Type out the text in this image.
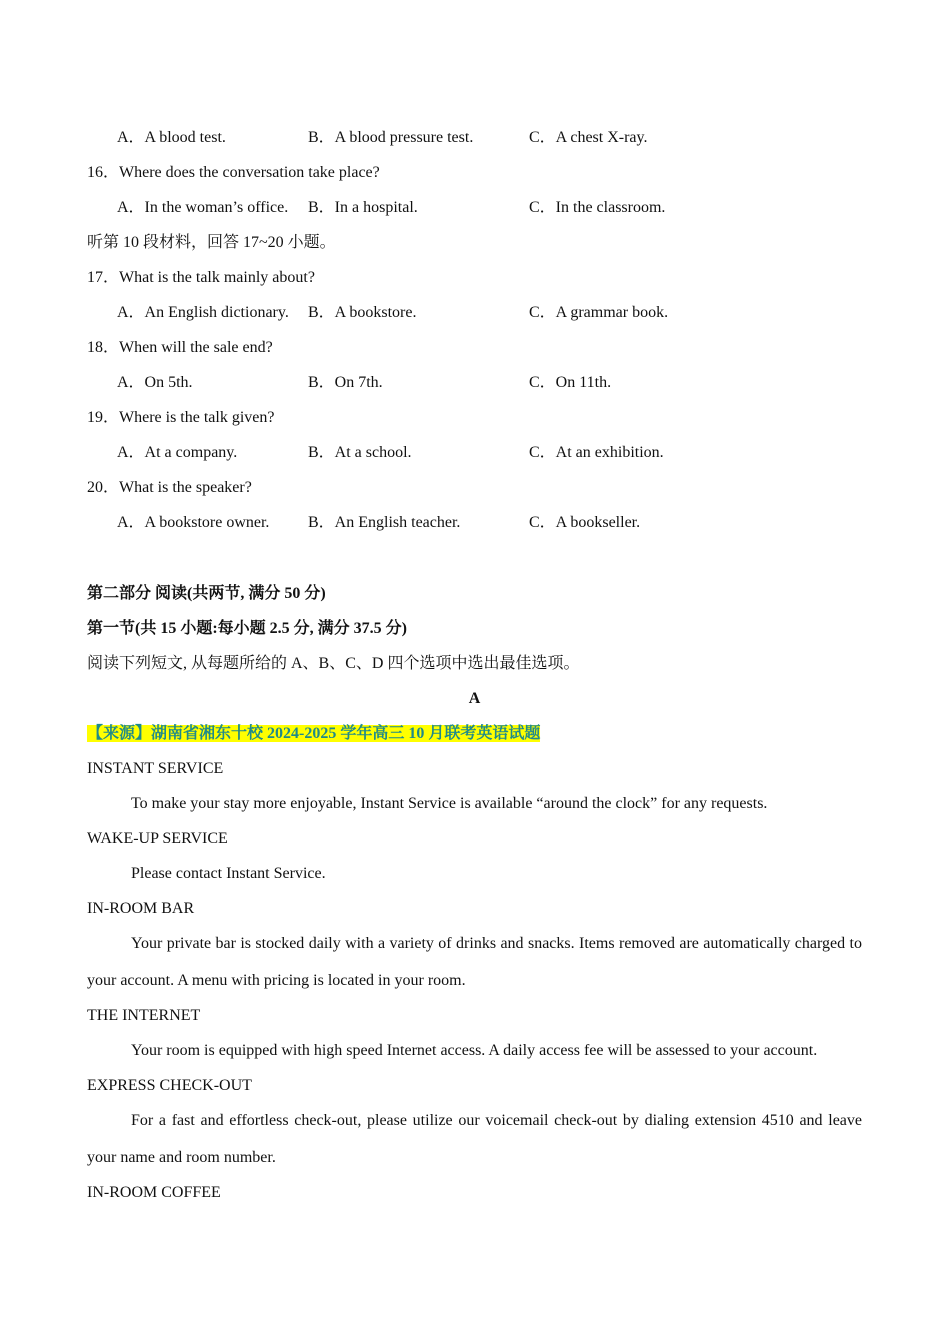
A．A blood test.	B．A blood pressure test.	C．A chest X-ray.
16．Where does the conversation take place?
A．In the woman’s office. B．In a hospital.	C．In the classroom.
听第 10 段材料，回答 17~20 小题。
17．What is the talk mainly about?
A．An English dictionary. B．A bookstore.	C．A grammar book.
18．When will the sale end?
A．On 5th.	B．On 7th.	C．On 11th.
19．Where is the talk given?
A．At a company.	B．At a school.	C．At an exhibition.
20．What is the speaker?
A．A bookstore owner. B．An English teacher.	C．A bookseller.
第二部分 阅读(共两节, 满分 50 分)
第一节(共 15 小题:每小题 2.5 分, 满分 37.5 分)
阅读下列短文, 从每题所给的 A、B、C、D 四个选项中选出最佳选项。
A
【来源】湖南省湘东十校 2024-2025 学年高三 10 月联考英语试题
INSTANT SERVICE
To make your stay more enjoyable, Instant Service is available “around the clock” for any requests.
WAKE-UP SERVICE
Please contact Instant Service.
IN-ROOM BAR
Your private bar is stocked daily with a variety of drinks and snacks. Items removed are automatically charged to your account. A menu with pricing is located in your room.
THE INTERNET
Your room is equipped with high speed Internet access. A daily access fee will be assessed to your account.
EXPRESS CHECK-OUT
For a fast and effortless check-out, please utilize our voicemail check-out by dialing extension 4510 and leave your name and room number.
IN-ROOM COFFEE
